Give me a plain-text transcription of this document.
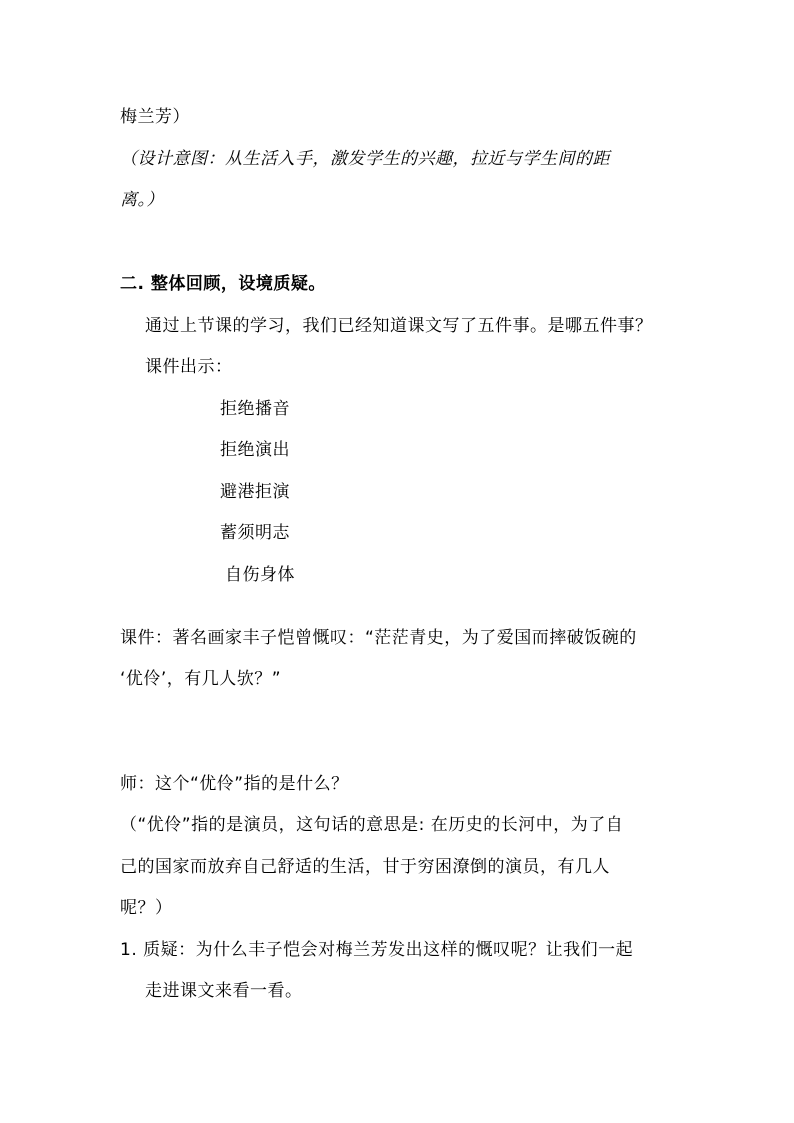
梅兰芳）
（设计意图：从生活入手，激发学生的兴趣，拉近与学生间的距
离。）
二. 整体回顾，设境质疑。
通过上节课的学习，我们已经知道课文写了五件事。是哪五件事？
课件出示：
拒绝播音
拒绝演出
避港拒演
蓄须明志
自伤身体
课件：著名画家丰子恺曾慨叹：“茫茫青史，为了爱国而摔破饭碗的
‘优伶’，有几人欤？”
师：这个“优伶”指的是什么？
（“优伶”指的是演员，这句话的意思是: 在历史的长河中，为了自
己的国家而放弃自己舒适的生活，甘于穷困潦倒的演员，有几人
呢？）
1. 质疑：为什么丰子恺会对梅兰芳发出这样的慨叹呢？让我们一起
走进课文来看一看。
